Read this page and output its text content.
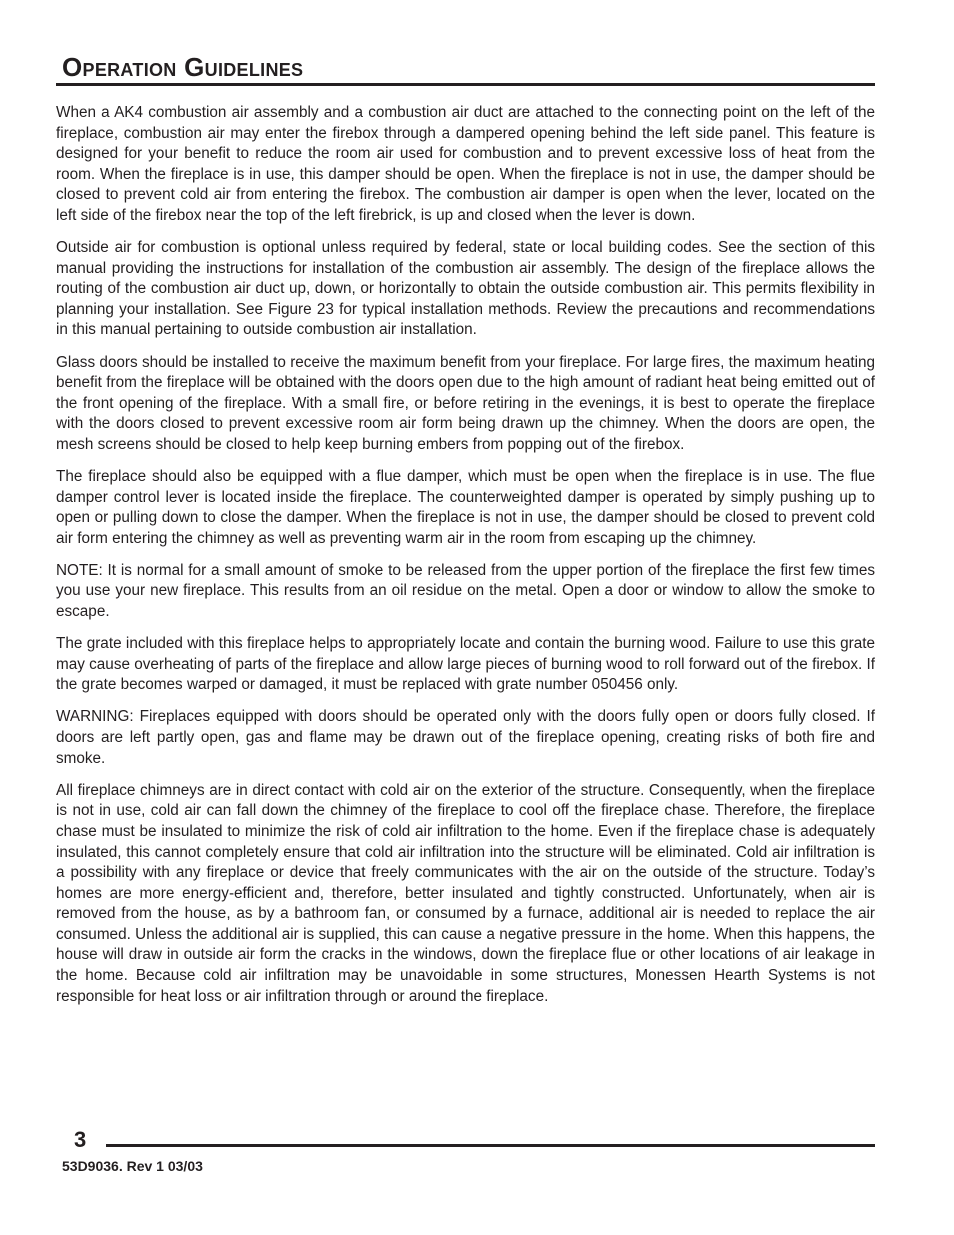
Operation Guidelines

When a AK4 combustion air assembly and a combustion air duct are attached to the connecting point on the left of the fireplace, combustion air may enter the firebox through a dampered opening behind the left side panel. This feature is designed for your benefit to reduce the room air used for combustion and to prevent excessive loss of heat from the room. When the fireplace is in use, this damper should be open. When the fireplace is not in use, the damper should be closed to prevent cold air from entering the firebox. The combustion air damper is open when the lever, located on the left side of the firebox near the top of the left firebrick, is up and closed when the lever is down.

Outside air for combustion is optional unless required by federal, state or local building codes. See the section of this manual providing the instructions for installation of the combustion air assembly. The design of the fireplace allows the routing of the combustion air duct up, down, or horizontally to obtain the outside combustion air. This permits flexibility in planning your installation. See Figure 23 for typical installation methods. Review the precautions and recommendations in this manual pertaining to outside combustion air installation.

Glass doors should be installed to receive the maximum benefit from your fireplace. For large fires, the maximum heating benefit from the fireplace will be obtained with the doors open due to the high amount of radiant heat being emitted out of the front opening of the fireplace. With a small fire, or before retiring in the evenings, it is best to operate the fireplace with the doors closed to prevent excessive room air form being drawn up the chimney. When the doors are open, the mesh screens should be closed to help keep burning embers from popping out of the firebox.

The fireplace should also be equipped with a flue damper, which must be open when the fireplace is in use. The flue damper control lever is located inside the fireplace. The counterweighted damper is operated by simply pushing up to open or pulling down to close the damper. When the fireplace is not in use, the damper should be closed to prevent cold air form entering the chimney as well as preventing warm air in the room from escaping up the chimney.

NOTE: It is normal for a small amount of smoke to be released from the upper portion of the fireplace the first few times you use your new fireplace. This results from an oil residue on the metal. Open a door or window to allow the smoke to escape.

The grate included with this fireplace helps to appropriately locate and contain the burning wood. Failure to use this grate may cause overheating of parts of the fireplace and allow large pieces of burning wood to roll forward out of the firebox. If the grate becomes warped or damaged, it must be replaced with grate number 050456 only.

WARNING: Fireplaces equipped with doors should be operated only with the doors fully open or doors fully closed. If doors are left partly open, gas and flame may be drawn out of the fireplace opening, creating risks of both fire and smoke.

All fireplace chimneys are in direct contact with cold air on the exterior of the structure. Consequently, when the fireplace is not in use, cold air can fall down the chimney of the fireplace to cool off the fireplace chase. Therefore, the fireplace chase must be insulated to minimize the risk of cold air infiltration to the home. Even if the fireplace chase is adequately insulated, this cannot completely ensure that cold air infiltration into the structure will be eliminated. Cold air infiltration is a possibility with any fireplace or device that freely communicates with the air on the outside of the structure. Today’s homes are more energy-efficient and, therefore, better insulated and tightly constructed. Unfortunately, when air is removed from the house, as by a bathroom fan, or consumed by a furnace, additional air is needed to replace the air consumed. Unless the additional air is supplied, this can cause a negative pressure in the home. When this happens, the house will draw in outside air form the cracks in the windows, down the fireplace flue or other locations of air leakage in the home. Because cold air infiltration may be unavoidable in some structures, Monessen Hearth Systems is not responsible for heat loss or air infiltration through or around the fireplace.

3
53D9036. Rev 1 03/03
